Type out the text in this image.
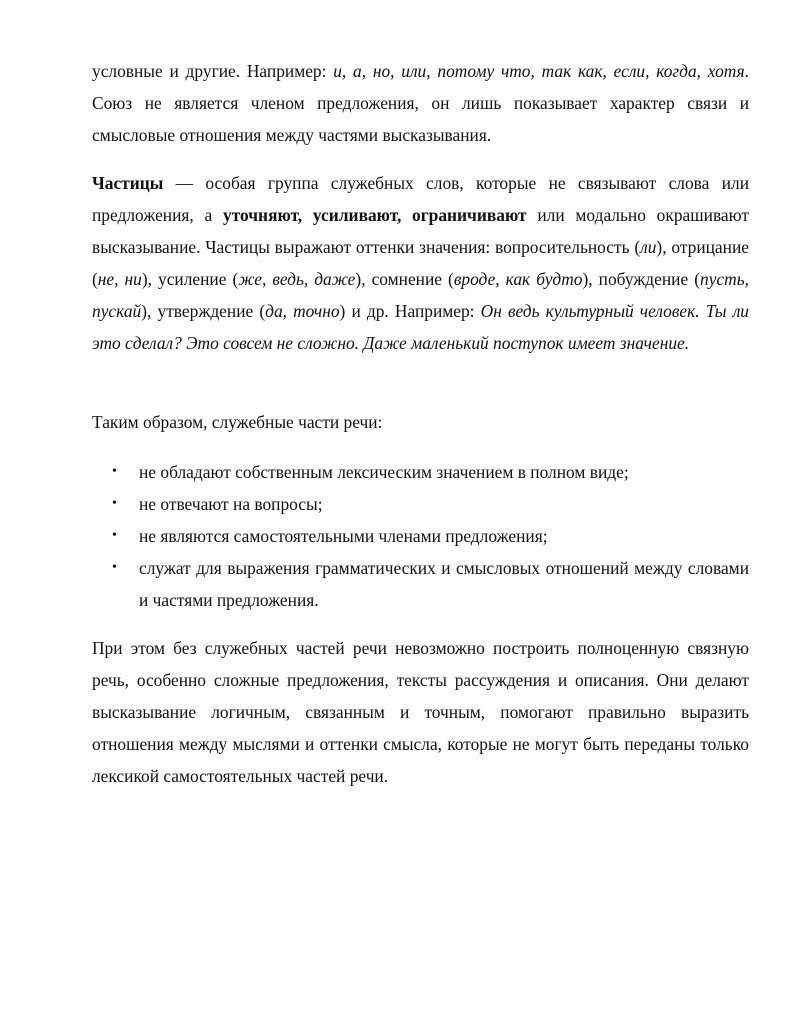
условные и другие. Например: и, а, но, или, потому что, так как, если, когда, хотя. Союз не является членом предложения, он лишь показывает характер связи и смысловые отношения между частями высказывания.

Частицы — особая группа служебных слов, которые не связывают слова или предложения, а уточняют, усиливают, ограничивают или модально окрашивают высказывание. Частицы выражают оттенки значения: вопросительность (ли), отрицание (не, ни), усиление (же, ведь, даже), сомнение (вроде, как будто), побуждение (пусть, пускай), утверждение (да, точно) и др. Например: Он ведь культурный человек. Ты ли это сделал? Это совсем не сложно. Даже маленький поступок имеет значение.

Таким образом, служебные части речи:

• не обладают собственным лексическим значением в полном виде;
• не отвечают на вопросы;
• не являются самостоятельными членами предложения;
• служат для выражения грамматических и смысловых отношений между словами и частями предложения.

При этом без служебных частей речи невозможно построить полноценную связную речь, особенно сложные предложения, тексты рассуждения и описания. Они делают высказывание логичным, связанным и точным, помогают правильно выразить отношения между мыслями и оттенки смысла, которые не могут быть переданы только лексикой самостоятельных частей речи.
